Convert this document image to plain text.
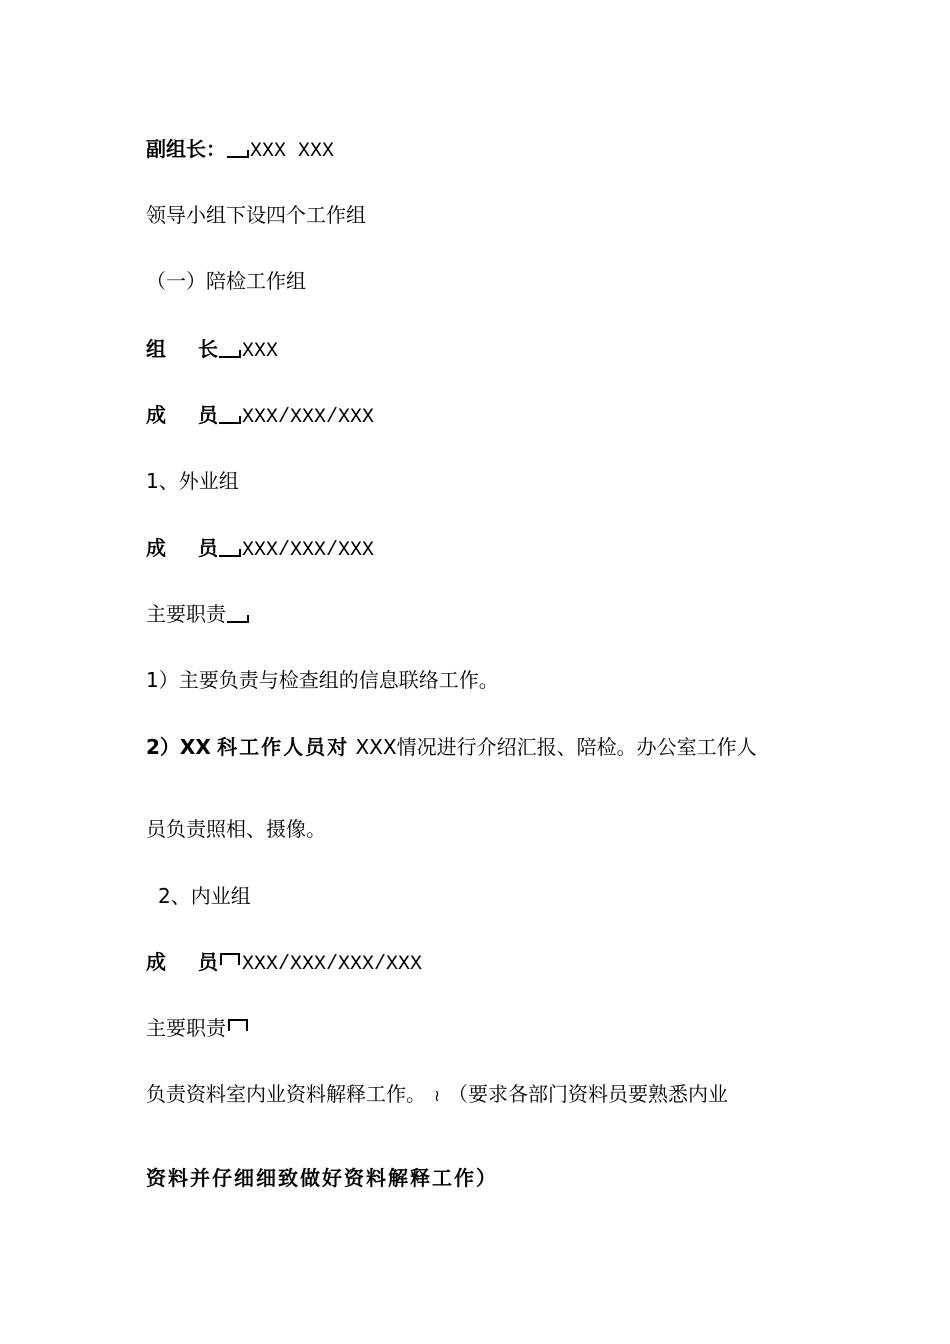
副组长： XXX XXX
领导小组下设四个工作组
（一）陪检工作组
组 长 XXX
成 员 XXX/XXX/XXX
1、外业组
成 员 XXX/XXX/XXX
主要职责
1）主要负责与检查组的信息联络工作。
2）XX 科工作人员对 XXX情况进行介绍汇报、陪检。办公室工作人
员负责照相、摄像。
2、内业组
成 员 XXX/XXX/XXX/XXX
主要职责
负责资料室内业资料解释工作。 ≀ （要求各部门资料员要熟悉内业
资料并仔细细致做好资料解释工作）
